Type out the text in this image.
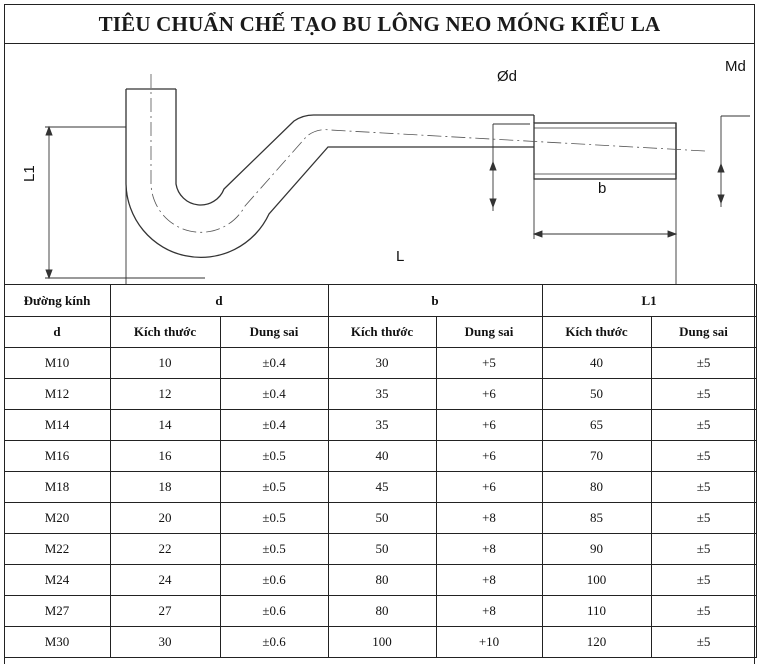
TIÊU CHUẨN CHẾ TẠO BU LÔNG NEO MÓNG KIỂU LA
L1
L
b
Ød
Md
Đường kính	d		b		L1	
d	Kích thước	Dung sai	Kích thước	Dung sai	Kích thước	Dung sai
M10	10	±0.4	30	+5	40	±5
M12	12	±0.4	35	+6	50	±5
M14	14	±0.4	35	+6	65	±5
M16	16	±0.5	40	+6	70	±5
M18	18	±0.5	45	+6	80	±5
M20	20	±0.5	50	+8	85	±5
M22	22	±0.5	50	+8	90	±5
M24	24	±0.6	80	+8	100	±5
M27	27	±0.6	80	+8	110	±5
M30	30	±0.6	100	+10	120	±5
